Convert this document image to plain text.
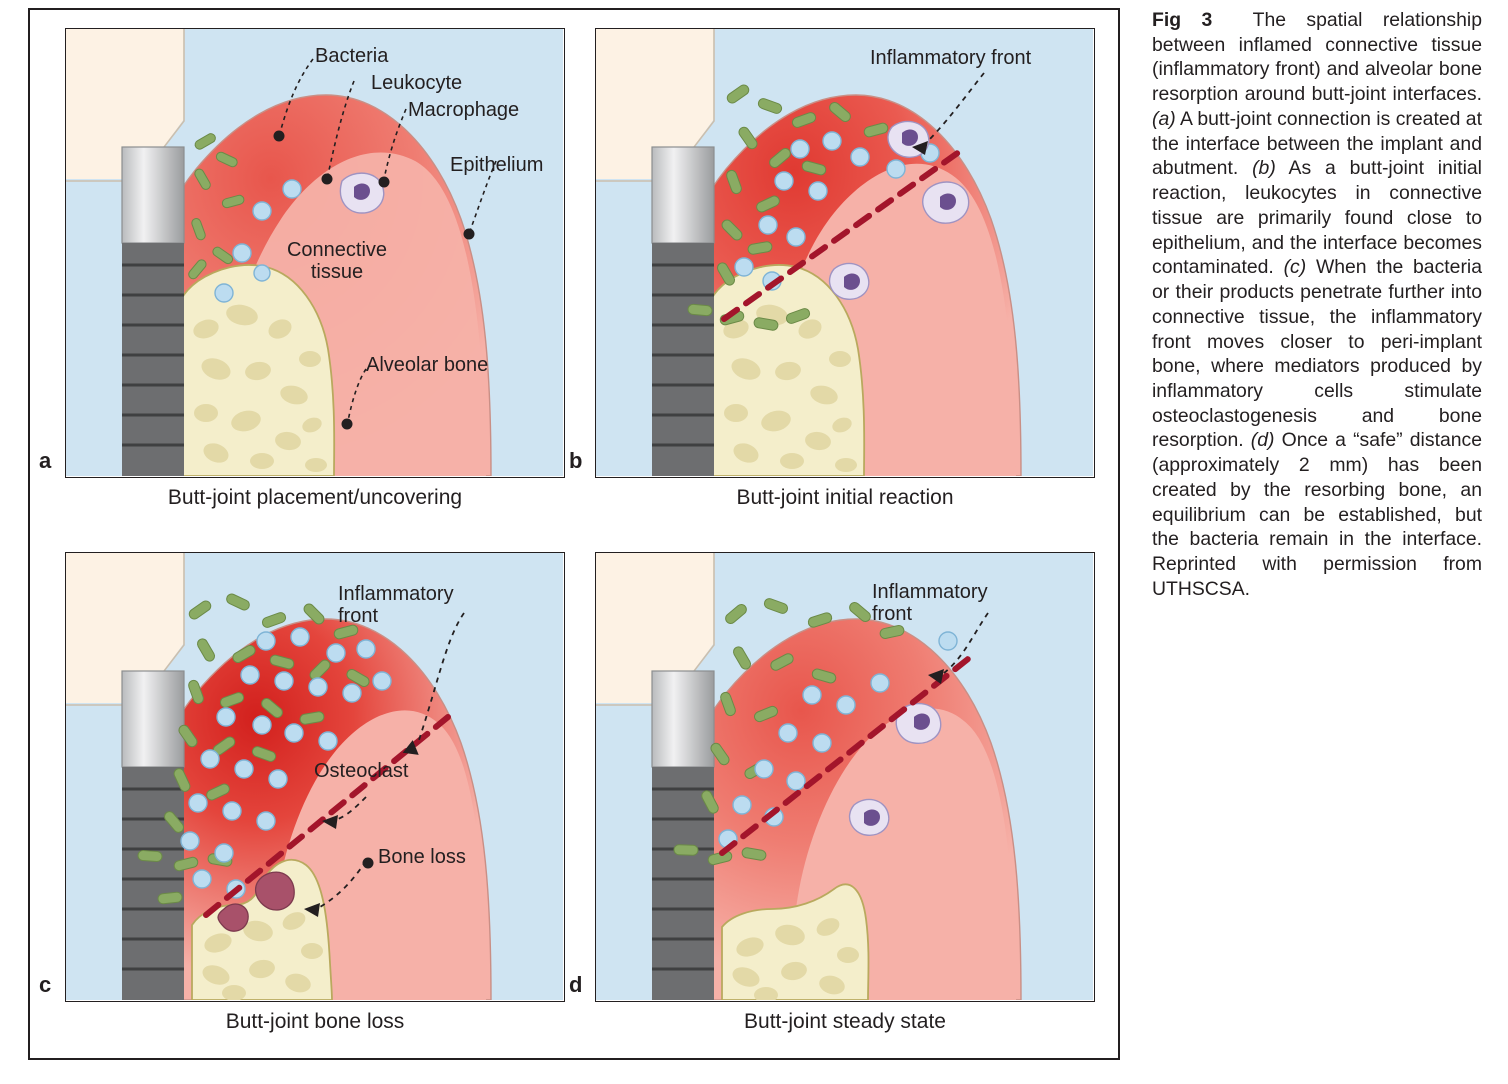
Bacteria
Leukocyte
Macrophage
Epithelium
Connective
tissue
Alveolar bone
a
Butt-joint placement/uncovering
Inflammatory front
b
Butt-joint initial reaction
Inflammatory
front
Osteoclast
Bone loss
c
Butt-joint bone loss
Inflammatory
front
d
Butt-joint steady state
Fig 3 The spatial relationship between inflamed connective tissue (inflammatory front) and alveolar bone resorption around butt-joint interfaces. (a) A butt-joint connection is created at the interface between the implant and abutment. (b) As a butt-joint initial reaction, leukocytes in connective tissue are primarily found close to epithelium, and the interface becomes contaminated. (c) When the bacteria or their products penetrate further into connective tissue, the inflammatory front moves closer to peri-implant bone, where mediators produced by inflammatory cells stimulate osteoclastogenesis and bone resorption. (d) Once a “safe” distance (approximately 2 mm) has been created by the resorbing bone, an equilibrium can be established, but the bacteria remain in the interface. Reprinted with permission from UTHSCSA.
